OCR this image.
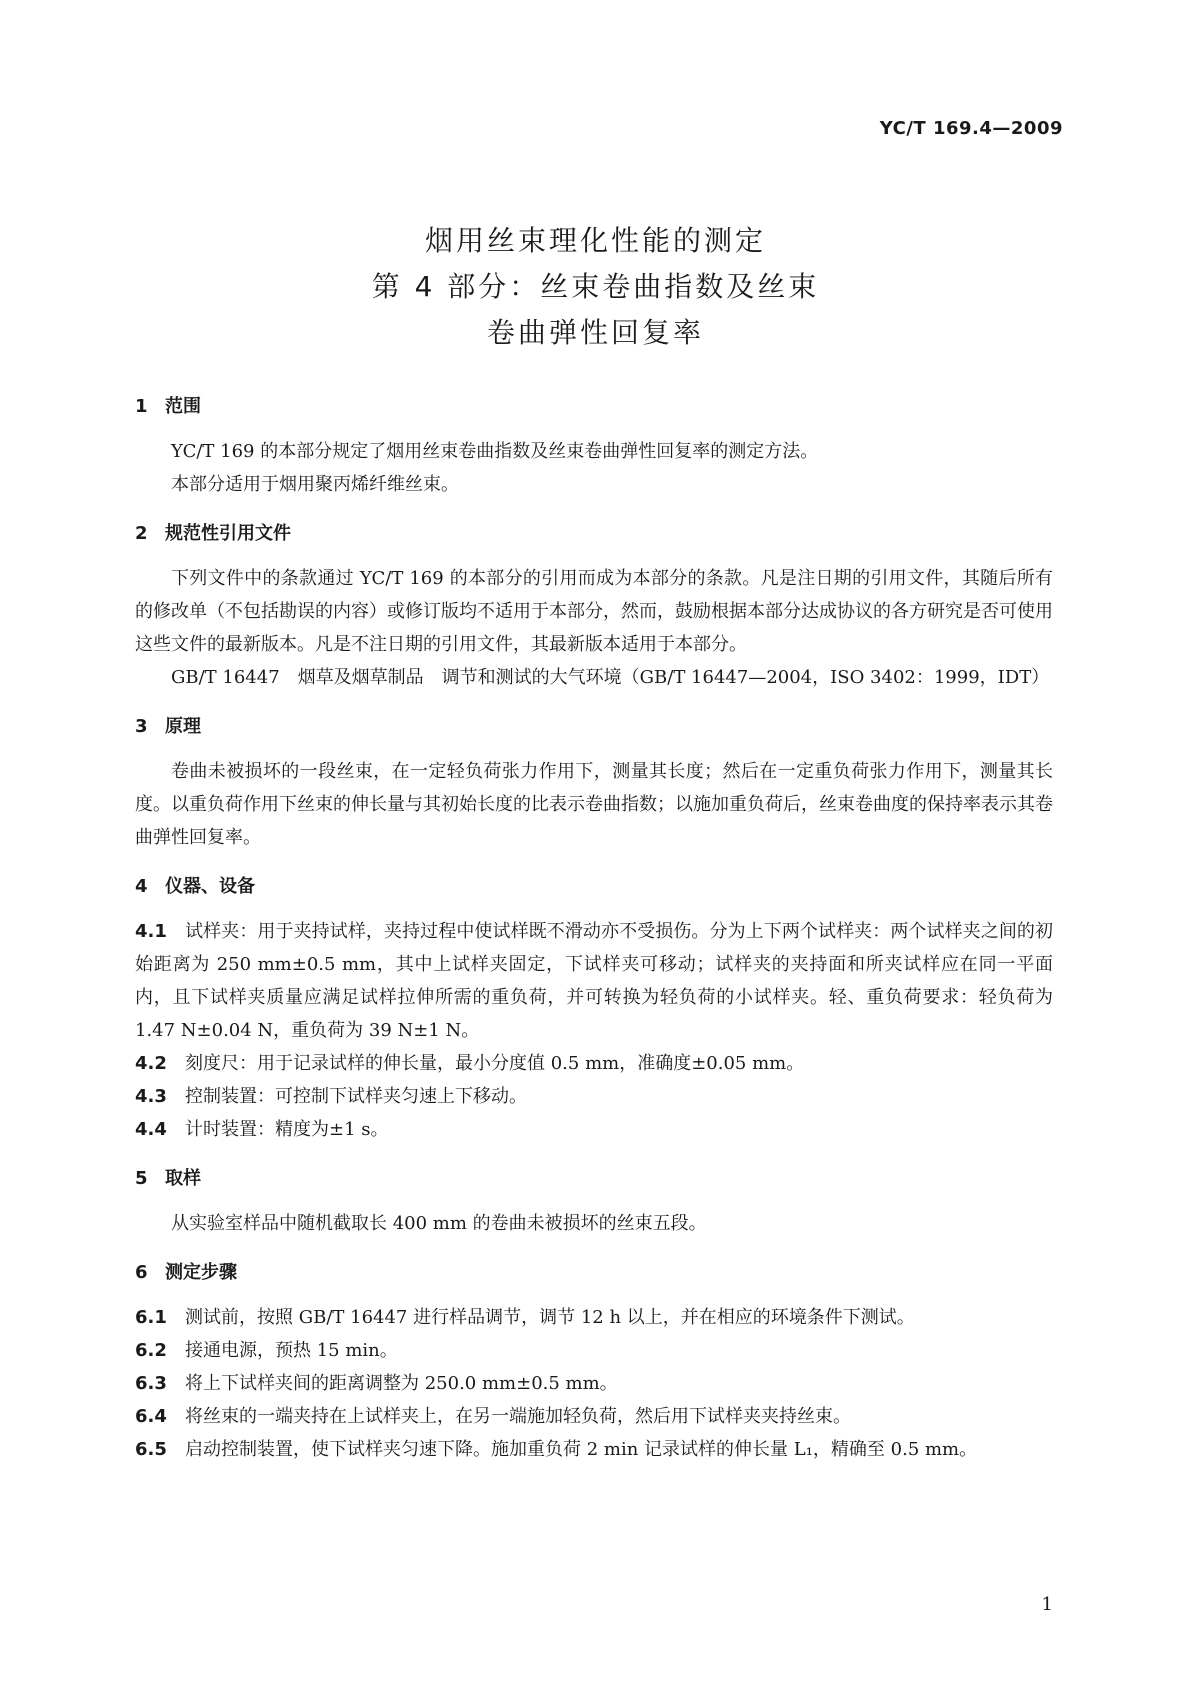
YC/T 169.4—2009
烟用丝束理化性能的测定
第 4 部分：丝束卷曲指数及丝束
卷曲弹性回复率
1 范围

YC/T 169 的本部分规定了烟用丝束卷曲指数及丝束卷曲弹性回复率的测定方法。

本部分适用于烟用聚丙烯纤维丝束。

2 规范性引用文件

下列文件中的条款通过 YC/T 169 的本部分的引用而成为本部分的条款。凡是注日期的引用文件，其随后所有的修改单（不包括勘误的内容）或修订版均不适用于本部分，然而，鼓励根据本部分达成协议的各方研究是否可使用这些文件的最新版本。凡是不注日期的引用文件，其最新版本适用于本部分。

GB/T 16447　烟草及烟草制品　调节和测试的大气环境（GB/T 16447—2004，ISO 3402：1999，IDT）

3 原理

卷曲未被损坏的一段丝束，在一定轻负荷张力作用下，测量其长度；然后在一定重负荷张力作用下，测量其长度。以重负荷作用下丝束的伸长量与其初始长度的比表示卷曲指数；以施加重负荷后，丝束卷曲度的保持率表示其卷曲弹性回复率。

4 仪器、设备

4.1 试样夹：用于夹持试样，夹持过程中使试样既不滑动亦不受损伤。分为上下两个试样夹：两个试样夹之间的初始距离为 250 mm±0.5 mm，其中上试样夹固定，下试样夹可移动；试样夹的夹持面和所夹试样应在同一平面内，且下试样夹质量应满足试样拉伸所需的重负荷，并可转换为轻负荷的小试样夹。轻、重负荷要求：轻负荷为 1.47 N±0.04 N，重负荷为 39 N±1 N。

4.2 刻度尺：用于记录试样的伸长量，最小分度值 0.5 mm，准确度±0.05 mm。

4.3 控制装置：可控制下试样夹匀速上下移动。

4.4 计时装置：精度为±1 s。

5 取样

从实验室样品中随机截取长 400 mm 的卷曲未被损坏的丝束五段。

6 测定步骤

6.1 测试前，按照 GB/T 16447 进行样品调节，调节 12 h 以上，并在相应的环境条件下测试。

6.2 接通电源，预热 15 min。

6.3 将上下试样夹间的距离调整为 250.0 mm±0.5 mm。

6.4 将丝束的一端夹持在上试样夹上，在另一端施加轻负荷，然后用下试样夹夹持丝束。

6.5 启动控制装置，使下试样夹匀速下降。施加重负荷 2 min 记录试样的伸长量 L₁，精确至 0.5 mm。

1
